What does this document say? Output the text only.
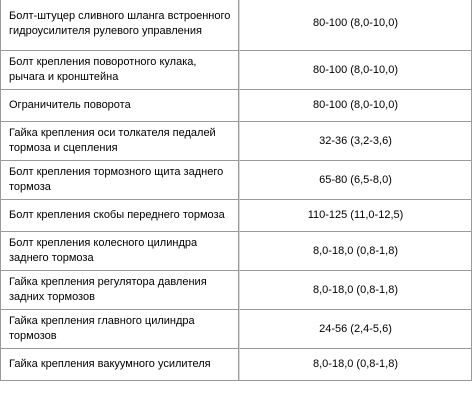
Болт-штуцер сливного шланга встроенного гидроусилителя рулевого управления	80-100 (8,0-10,0)
Болт крепления поворотного кулака, рычага и кронштейна	80-100 (8,0-10,0)
Ограничитель поворота	80-100 (8,0-10,0)
Гайка крепления оси толкателя педалей тормоза и сцепления	32-36 (3,2-3,6)
Болт крепления тормозного щита заднего тормоза	65-80 (6,5-8,0)
Болт крепления скобы переднего тормоза	110-125 (11,0-12,5)
Болт крепления колесного цилиндра заднего тормоза	8,0-18,0 (0,8-1,8)
Гайка крепления регулятора давления задних тормозов	8,0-18,0 (0,8-1,8)
Гайка крепления главного цилиндра тормозов	24-56 (2,4-5,6)
Гайка крепления вакуумного усилителя	8,0-18,0 (0,8-1,8)
